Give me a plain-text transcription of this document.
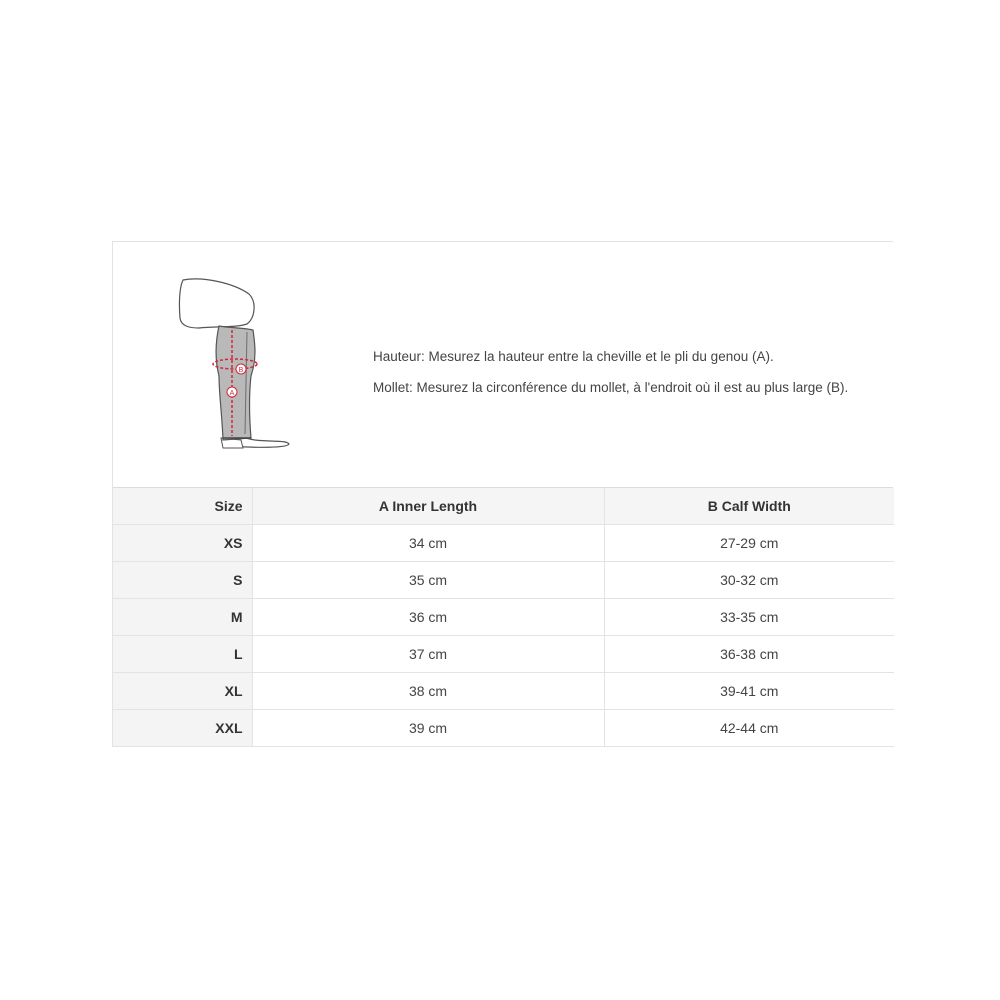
B
A

Hauteur: Mesurez la hauteur entre la cheville et le pli du genou (A).

Mollet: Mesurez la circonférence du mollet, à l'endroit où il est au plus large (B).

Size	A Inner Length	B Calf Width
XS	34 cm	27-29 cm
S	35 cm	30-32 cm
M	36 cm	33-35 cm
L	37 cm	36-38 cm
XL	38 cm	39-41 cm
XXL	39 cm	42-44 cm
